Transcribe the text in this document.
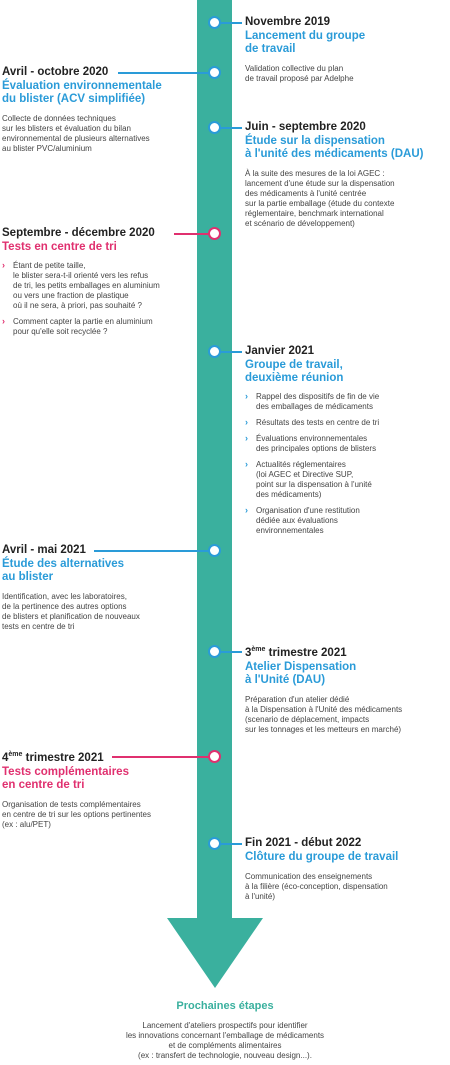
Novembre 2019
Lancement du groupe
de travail
Validation collective du plan
de travail proposé par Adelphe
Avril - octobre 2020
Évaluation environnementale
du blister (ACV simplifiée)
Collecte de données techniques
sur les blisters et évaluation du bilan
environnemental de plusieurs alternatives
au blister PVC/aluminium
Juin - septembre 2020
Étude sur la dispensation
à l'unité des médicaments (DAU)
À la suite des mesures de la loi AGEC :
lancement d'une étude sur la dispensation
des médicaments à l'unité centrée
sur la partie emballage (étude du contexte
réglementaire, benchmark international
et scénario de développement)
Septembre - décembre 2020
Tests en centre de tri
› Étant de petite taille,
le blister sera-t-il orienté vers les refus
de tri, les petits emballages en aluminium
ou vers une fraction de plastique
où il ne sera, à priori, pas souhaité ?
› Comment capter la partie en aluminium
pour qu'elle soit recyclée ?
Janvier 2021
Groupe de travail,
deuxième réunion
› Rappel des dispositifs de fin de vie
des emballages de médicaments
› Résultats des tests en centre de tri
› Évaluations environnementales
des principales options de blisters
› Actualités réglementaires
(loi AGEC et Directive SUP,
point sur la dispensation à l'unité
des médicaments)
› Organisation d'une restitution
dédiée aux évaluations
environnementales
Avril - mai 2021
Étude des alternatives
au blister
Identification, avec les laboratoires,
de la pertinence des autres options
de blisters et planification de nouveaux
tests en centre de tri
3ème trimestre 2021
Atelier Dispensation
à l'Unité (DAU)
Préparation d'un atelier dédié
à la Dispensation à l'Unité des médicaments
(scenario de déplacement, impacts
sur les tonnages et les metteurs en marché)
4ème trimestre 2021
Tests complémentaires
en centre de tri
Organisation de tests complémentaires
en centre de tri sur les options pertinentes
(ex : alu/PET)
Fin 2021 - début 2022
Clôture du groupe de travail
Communication des enseignements
à la filière (éco-conception, dispensation
à l'unité)
Prochaines étapes
Lancement d'ateliers prospectifs pour identifier
les innovations concernant l'emballage de médicaments
et de compléments alimentaires
(ex : transfert de technologie, nouveau design...).
